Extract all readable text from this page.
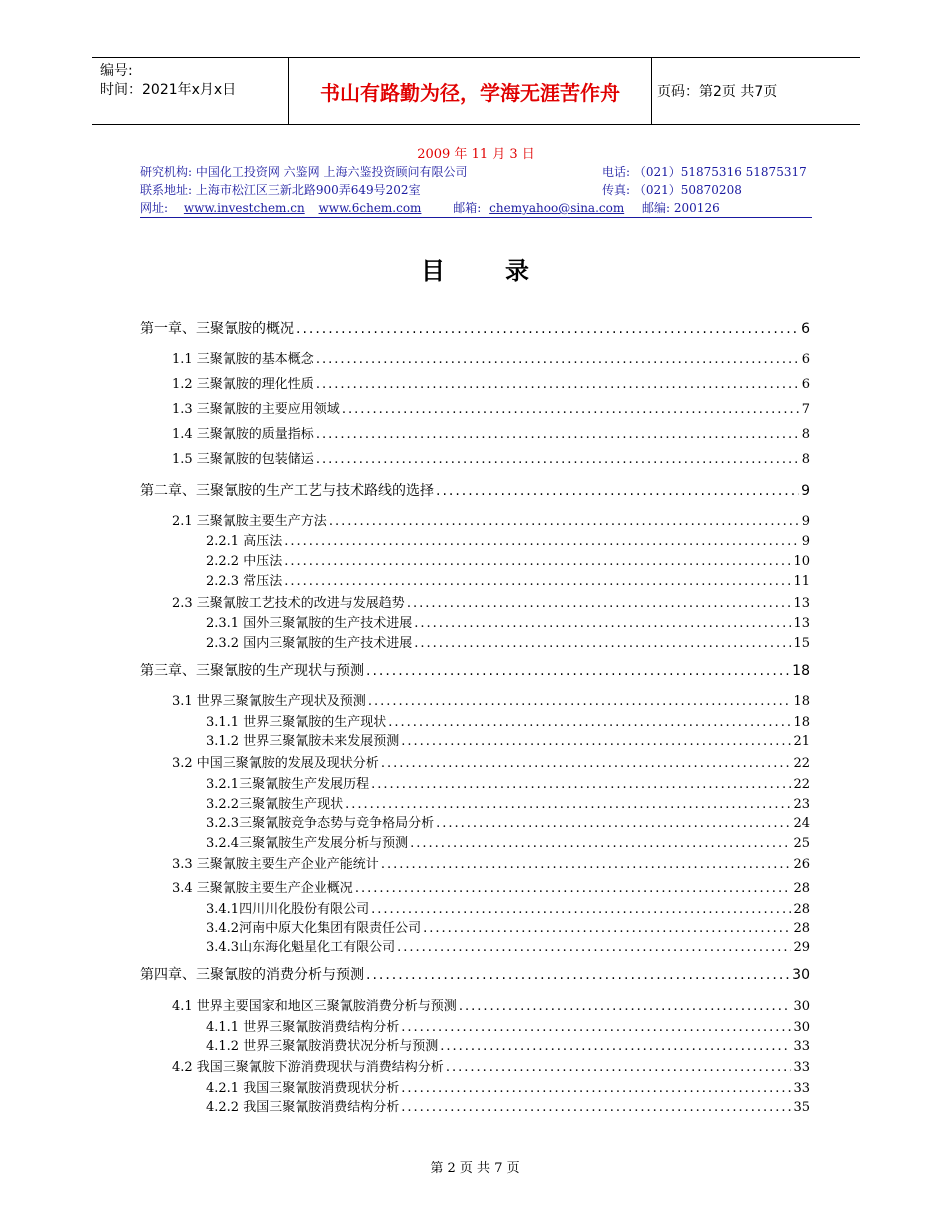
编号:
时间：2021年x月x日	书山有路勤为径，学海无涯苦作舟	页码：第2页 共7页
2009 年 11 月 3 日
研究机构: 中国化工投资网 六鉴网 上海六鉴投资顾问有限公司	电话: （021）51875316 51875317
联系地址: 上海市松江区三新北路900弄649号202室	传真: （021）50870208
网址: www.investchem.cn www.6chem.com	邮箱: chemyahoo@sina.com 邮编: 200126
目录
第一章、三聚氰胺的概况 .....	6
1.1 三聚氰胺的基本概念 .....	6
1.2 三聚氰胺的理化性质 .....	6
1.3 三聚氰胺的主要应用领域 .....	7
1.4 三聚氰胺的质量指标 .....	8
1.5 三聚氰胺的包装储运 .....	8
第二章、三聚氰胺的生产工艺与技术路线的选择 .....	9
2.1 三聚氰胺主要生产方法 .....	9
2.2.1 高压法 .....	9
2.2.2 中压法 .....	10
2.2.3 常压法 .....	11
2.3 三聚氰胺工艺技术的改进与发展趋势 .....	13
2.3.1 国外三聚氰胺的生产技术进展 .....	13
2.3.2 国内三聚氰胺的生产技术进展 .....	15
第三章、三聚氰胺的生产现状与预测 .....	18
3.1 世界三聚氰胺生产现状及预测 .....	18
3.1.1 世界三聚氰胺的生产现状 .....	18
3.1.2 世界三聚氰胺未来发展预测 .....	21
3.2 中国三聚氰胺的发展及现状分析 .....	22
3.2.1三聚氰胺生产发展历程 .....	22
3.2.2三聚氰胺生产现状 .....	23
3.2.3三聚氰胺竞争态势与竞争格局分析 .....	24
3.2.4三聚氰胺生产发展分析与预测 .....	25
3.3 三聚氰胺主要生产企业产能统计 .....	26
3.4 三聚氰胺主要生产企业概况 .....	28
3.4.1四川川化股份有限公司 .....	28
3.4.2河南中原大化集团有限责任公司 .....	28
3.4.3山东海化魁星化工有限公司 .....	29
第四章、三聚氰胺的消费分析与预测 .....	30
4.1 世界主要国家和地区三聚氰胺消费分析与预测 .....	30
4.1.1 世界三聚氰胺消费结构分析 .....	30
4.1.2 世界三聚氰胺消费状况分析与预测 .....	33
4.2 我国三聚氰胺下游消费现状与消费结构分析 .....	33
4.2.1 我国三聚氰胺消费现状分析 .....	33
4.2.2 我国三聚氰胺消费结构分析 .....	35
第 2 页 共 7 页
